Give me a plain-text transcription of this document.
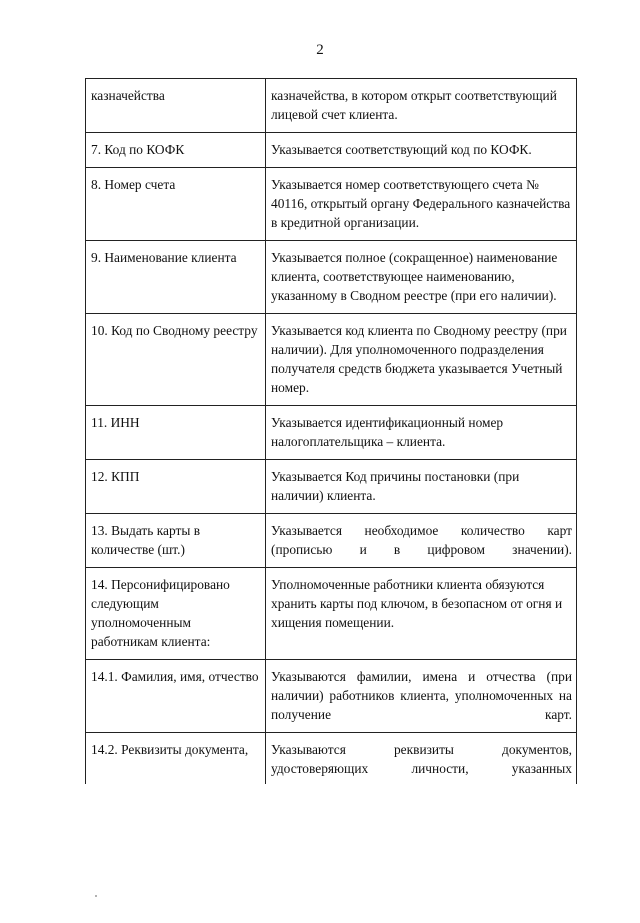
2
казначейства	казначейства, в котором открыт соответствующий лицевой счет клиента.
7. Код по КОФК	Указывается соответствующий код по КОФК.
8. Номер счета	Указывается номер соответствующего счета № 40116, открытый органу Федерального казначейства в кредитной организации.
9. Наименование клиента	Указывается полное (сокращенное) наименование клиента, соответствующее наименованию, указанному в Сводном реестре (при его наличии).
10. Код по Сводному реестру	Указывается код клиента по Сводному реестру (при наличии). Для уполномоченного подразделения получателя средств бюджета указывается Учетный номер.
11. ИНН	Указывается идентификационный номер налогоплательщика – клиента.
12. КПП	Указывается Код причины постановки (при наличии) клиента.
13. Выдать карты в количестве (шт.)	Указывается необходимое количество карт (прописью и в цифровом значении).
14. Персонифицировано следующим уполномоченным работникам клиента:	Уполномоченные работники клиента обязуются хранить карты под ключом, в безопасном от огня и хищения помещении.
14.1. Фамилия, имя, отчество	Указываются фамилии, имена и отчества (при наличии) работников клиента, уполномоченных на получение карт.
14.2. Реквизиты документа,	Указываются реквизиты документов, удостоверяющих личности, указанных
